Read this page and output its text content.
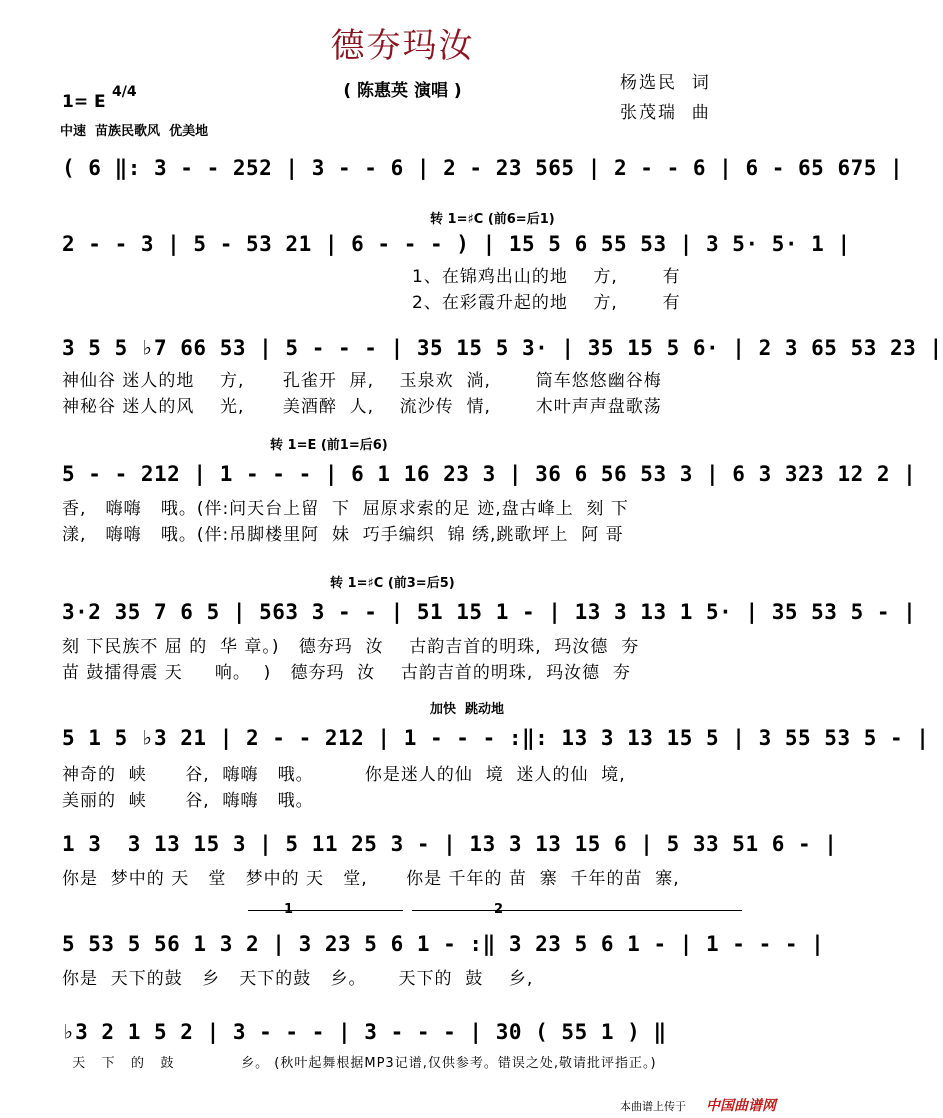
德夯玛汝
( 陈惠英 演唱 )	杨选民  词
张茂瑞  曲
1= E 4/4
中速  苗族民歌风  优美地
( 6 ‖: 3 - - 252 | 3 - - 6 | 2 - 23 565 | 2 - - 6 | 6 - 65 675 |
转 1=♯C (前6=后1)
2 - - 3 | 5 - 53 21 | 6 - - - ) | 15 5 6 55 53 | 3 5· 5· 1 |
1、在锦鸡出山的地    方,       有
2、在彩霞升起的地    方,       有
3 5 5 ♭7 66 53 | 5 - - - | 35 15 5 3· | 35 15 5 6· | 2 3 65 53 23 |
神仙谷 迷人的地    方,      孔雀开  屏,    玉泉欢  淌,       筒车悠悠幽谷梅
神秘谷 迷人的风    光,      美酒醉  人,    流沙传  情,       木叶声声盘歌荡
转 1=E (前1=后6)
5 - - 212 | 1 - - - | 6 1 16 23 3 | 36 6 56 53 3 | 6 3 323 12 2 |
香,   嗨嗨   哦。(伴:问天台上留  下  屈原求索的足 迹,盘古峰上  刻 下
漾,   嗨嗨   哦。(伴:吊脚楼里阿  妹  巧手编织  锦 绣,跳歌坪上  阿 哥
转 1=♯C (前3=后5)
3·2 35 7 6 5 | 563 3 - - | 51 15 1 - | 13 3 13 1 5· | 35 53 5 - |
刻 下民族不 屈 的  华 章。)   德夯玛  汝    古韵吉首的明珠,  玛汝德  夯
苗 鼓擂得震 天     响。  )   德夯玛  汝    古韵吉首的明珠,  玛汝德  夯
加快  跳动地
5 1 5 ♭3 21 | 2 - - 212 | 1 - - - :‖: 13 3 13 15 5 | 3 55 53 5 - |
神奇的  峡      谷,  嗨嗨   哦。        你是迷人的仙  境  迷人的仙  境,
美丽的  峡      谷,  嗨嗨   哦。
1 3  3 13 15 3 | 5 11 25 3 - | 13 3 13 15 6 | 5 33 51 6 - |
你是  梦中的 天   堂   梦中的 天   堂,      你是 千年的 苗  寨  千年的苗  寨,
1	2
5 53 5 56 1 3 2 | 3 23 5 6 1 - :‖ 3 23 5 6 1 - | 1 - - - |
你是  天下的鼓   乡   天下的鼓   乡。     天下的  鼓    乡,
♭3 2 1 5 2 | 3 - - - | 3 - - - | 30 ( 55 1 ) ‖
天   下   的   鼓             乡。 (秋叶起舞根据MP3记谱,仅供参考。错误之处,敬请批评指正。)
本曲谱上传于 中国曲谱网
